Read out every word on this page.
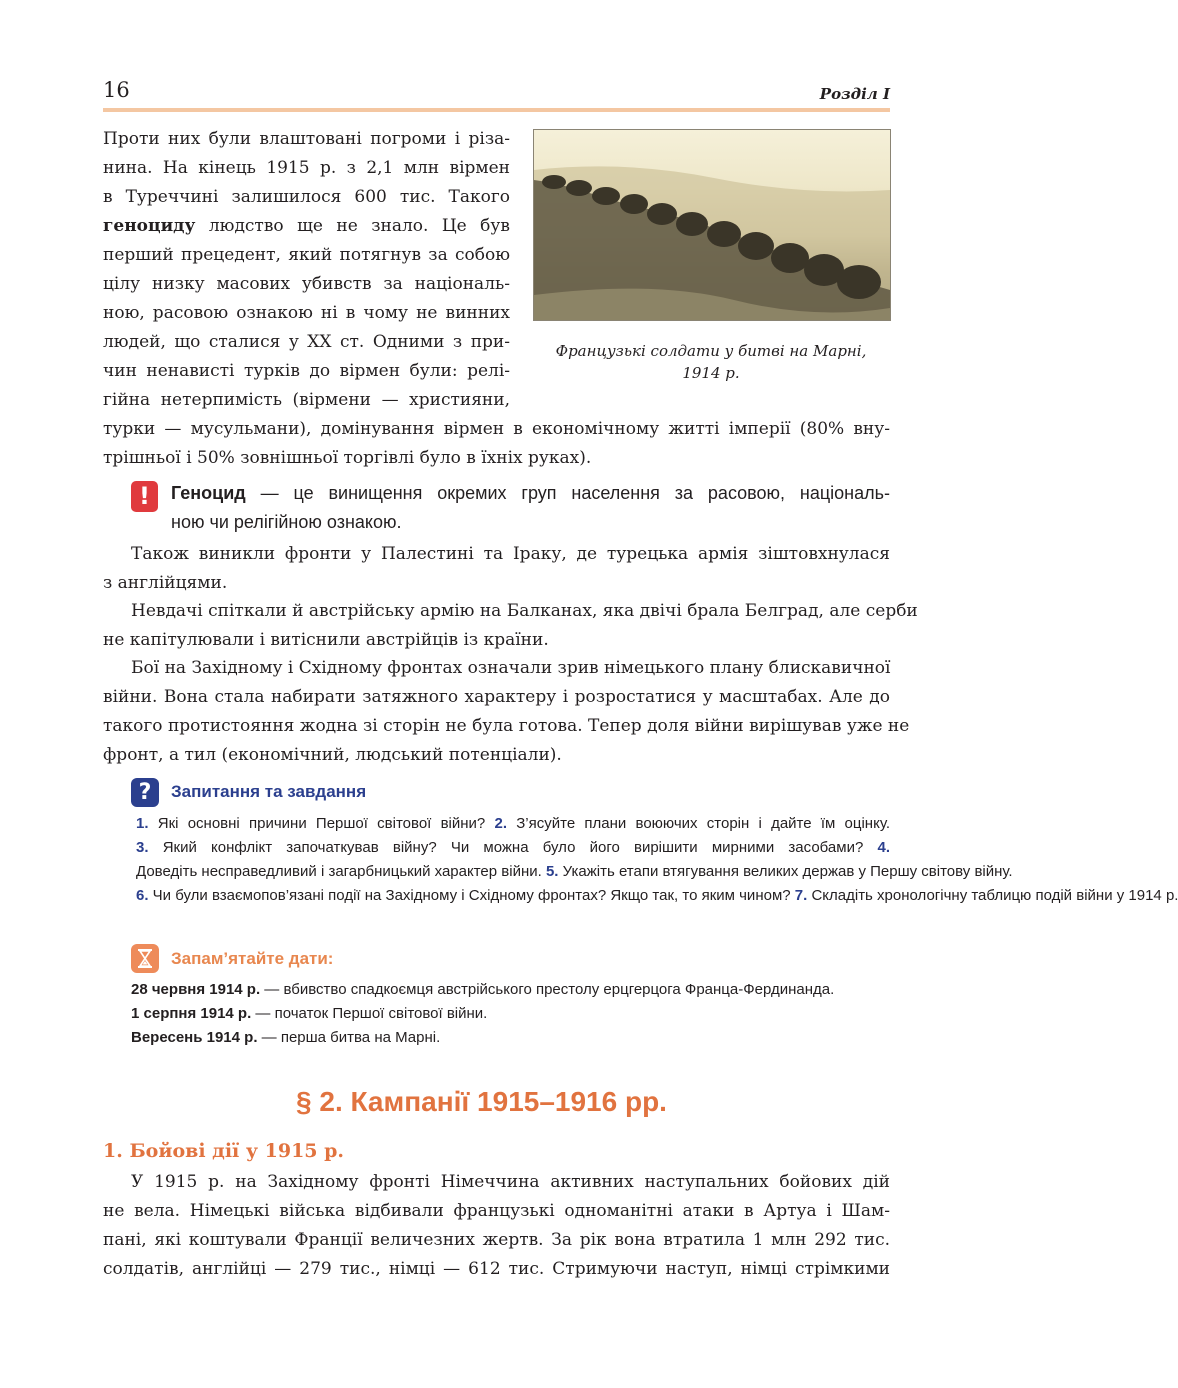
16	Розділ I
Проти них були влаштовані погроми і різа-
нина. На кінець 1915 р. з 2,1 млн вірмен
в Туреччині залишилося 600 тис. Такого
геноциду людство ще не знало. Це був
перший прецедент, який потягнув за собою
цілу низку масових убивств за національ-
ною, расовою ознакою ні в чому не винних
людей, що сталися у XX ст. Одними з при-
чин ненависті турків до вірмен були: релі-
гійна нетерпимість (вірмени — християни,
Французькі солдати у битві на Марні,
1914 р.
турки — мусульмани), домінування вірмен в економічному житті імперії (80% вну-
трішньої і 50% зовнішньої торгівлі було в їхніх руках).
!	Геноцид — це винищення окремих груп населення за расовою, національ-
ною чи релігійною ознакою.
Також виникли фронти у Палестині та Іраку, де турецька армія зіштовхнулася
з англійцями.
Невдачі спіткали й австрійську армію на Балканах, яка двічі брала Белград, але серби
не капітулювали і витіснили австрійців із країни.
Бої на Західному і Східному фронтах означали зрив німецького плану блискавичної
війни. Вона стала набирати затяжного характеру і розростатися у масштабах. Але до
такого протистояння жодна зі сторін не була готова. Тепер доля війни вирішував уже не
фронт, а тил (економічний, людський потенціали).
?	Запитання та завдання
1. Які основні причини Першої світової війни? 2. З’ясуйте плани воюючих сторін і дайте їм оцінку.
3. Який конфлікт започаткував війну? Чи можна було його вирішити мирними засобами? 4.
Доведіть несправедливий і загарбницький характер війни. 5. Укажіть етапи втягування великих держав у Першу світову війну.
6. Чи були взаємопов’язані події на Західному і Східному фронтах? Якщо так, то яким чином? 7. Складіть хронологічну таблицю подій війни у 1914 р.
Запам’ятайте дати:
28 червня 1914 р. — вбивство спадкоємця австрійського престолу ерцгерцога Франца-Фердинанда.
1 серпня 1914 р. — початок Першої світової війни.
Вересень 1914 р. — перша битва на Марні.
§ 2. Кампанії 1915–1916 рр.
1. Бойові дії у 1915 р.
У 1915 р. на Західному фронті Німеччина активних наступальних бойових дій
не вела. Німецькі війська відбивали французькі одноманітні атаки в Артуа і Шам-
пані, які коштували Франції величезних жертв. За рік вона втратила 1 млн 292 тис.
солдатів, англійці — 279 тис., німці — 612 тис. Стримуючи наступ, німці стрімкими
